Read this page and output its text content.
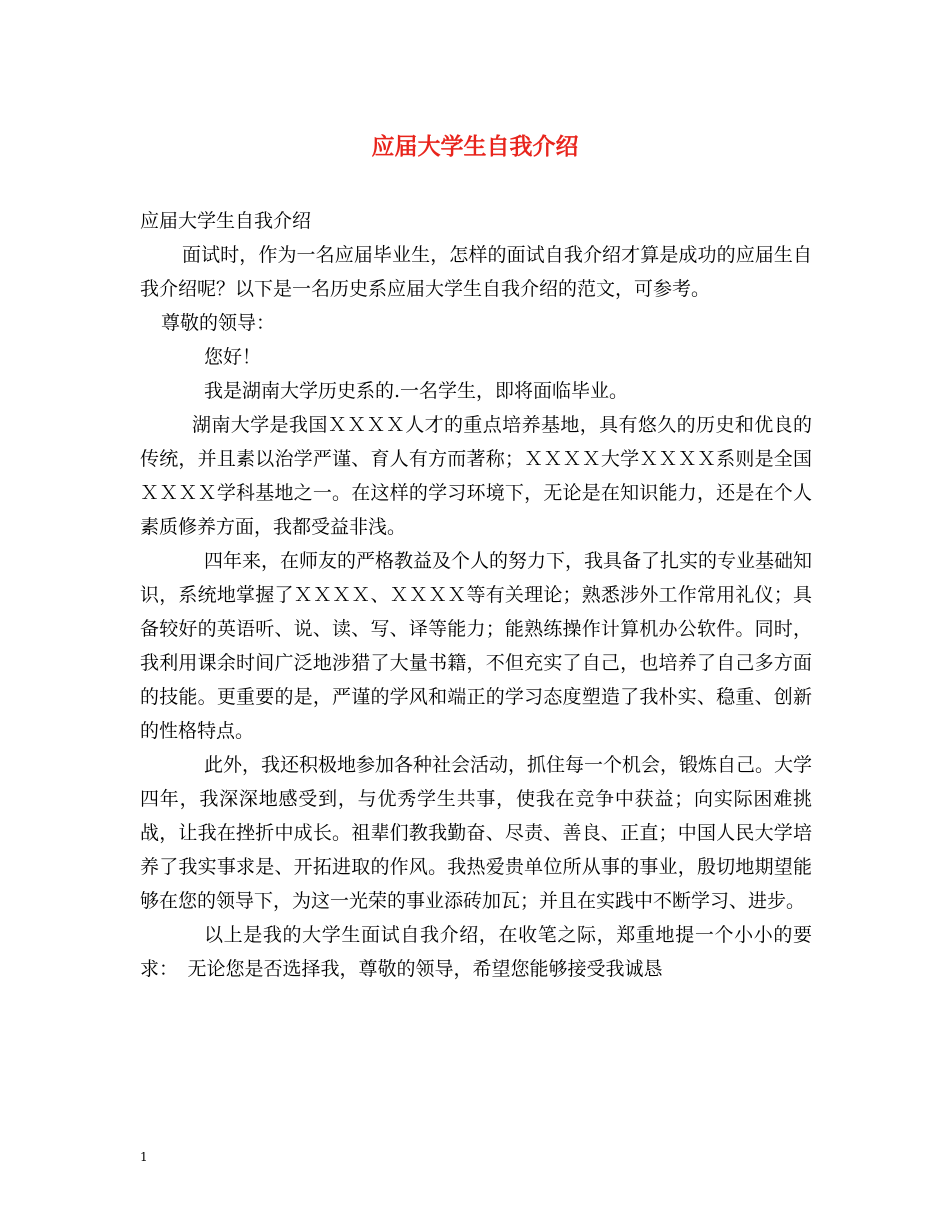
应届大学生自我介绍

应届大学生自我介绍

面试时，作为一名应届毕业生，怎样的面试自我介绍才算是成功的应届生自我介绍呢？以下是一名历史系应届大学生自我介绍的范文，可参考。

尊敬的领导：

您好！

我是湖南大学历史系的.一名学生，即将面临毕业。

湖南大学是我国ＸＸＸＸ人才的重点培养基地，具有悠久的历史和优良的传统，并且素以治学严谨、育人有方而著称；ＸＸＸＸ大学ＸＸＸＸ系则是全国ＸＸＸＸ学科基地之一。在这样的学习环境下，无论是在知识能力，还是在个人素质修养方面，我都受益非浅。

四年来，在师友的严格教益及个人的努力下，我具备了扎实的专业基础知识，系统地掌握了ＸＸＸＸ、ＸＸＸＸ等有关理论；熟悉涉外工作常用礼仪；具备较好的英语听、说、读、写、译等能力；能熟练操作计算机办公软件。同时，我利用课余时间广泛地涉猎了大量书籍，不但充实了自己，也培养了自己多方面的技能。更重要的是，严谨的学风和端正的学习态度塑造了我朴实、稳重、创新的性格特点。

此外，我还积极地参加各种社会活动，抓住每一个机会，锻炼自己。大学四年，我深深地感受到，与优秀学生共事，使我在竞争中获益；向实际困难挑战，让我在挫折中成长。祖辈们教我勤奋、尽责、善良、正直；中国人民大学培养了我实事求是、开拓进取的作风。我热爱贵单位所从事的事业，殷切地期望能够在您的领导下，为这一光荣的事业添砖加瓦；并且在实践中不断学习、进步。

以上是我的大学生面试自我介绍，在收笔之际，郑重地提一个小小的要求：　无论您是否选择我，尊敬的领导，希望您能够接受我诚恳

1
